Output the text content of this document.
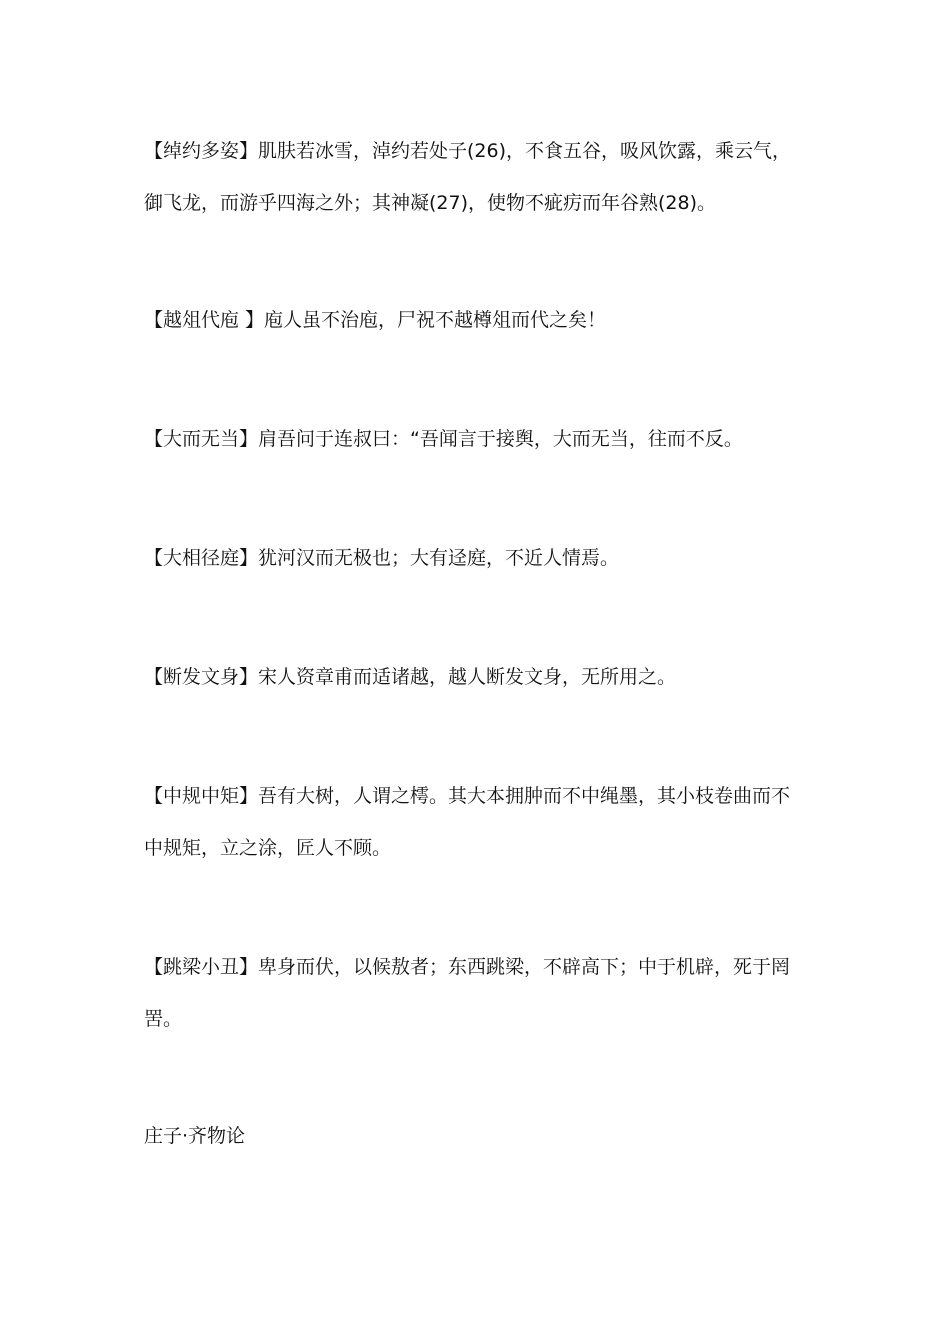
【绰约多姿】肌肤若冰雪，淖约若处子(26)，不食五谷，吸风饮露，乘云气，御飞龙，而游乎四海之外；其神凝(27)，使物不疵疠而年谷熟(28)。

【越俎代庖 】庖人虽不治庖，尸祝不越樽俎而代之矣！

【大而无当】肩吾问于连叔曰：“吾闻言于接舆，大而无当，往而不反。

【大相径庭】犹河汉而无极也；大有迳庭，不近人情焉。

【断发文身】宋人资章甫而适诸越，越人断发文身，无所用之。

【中规中矩】吾有大树，人谓之樗。其大本拥肿而不中绳墨，其小枝卷曲而不中规矩，立之涂，匠人不顾。

【跳梁小丑】卑身而伏，以候敖者；东西跳梁，不辟高下；中于机辟，死于罔罟。

庄子·齐物论
